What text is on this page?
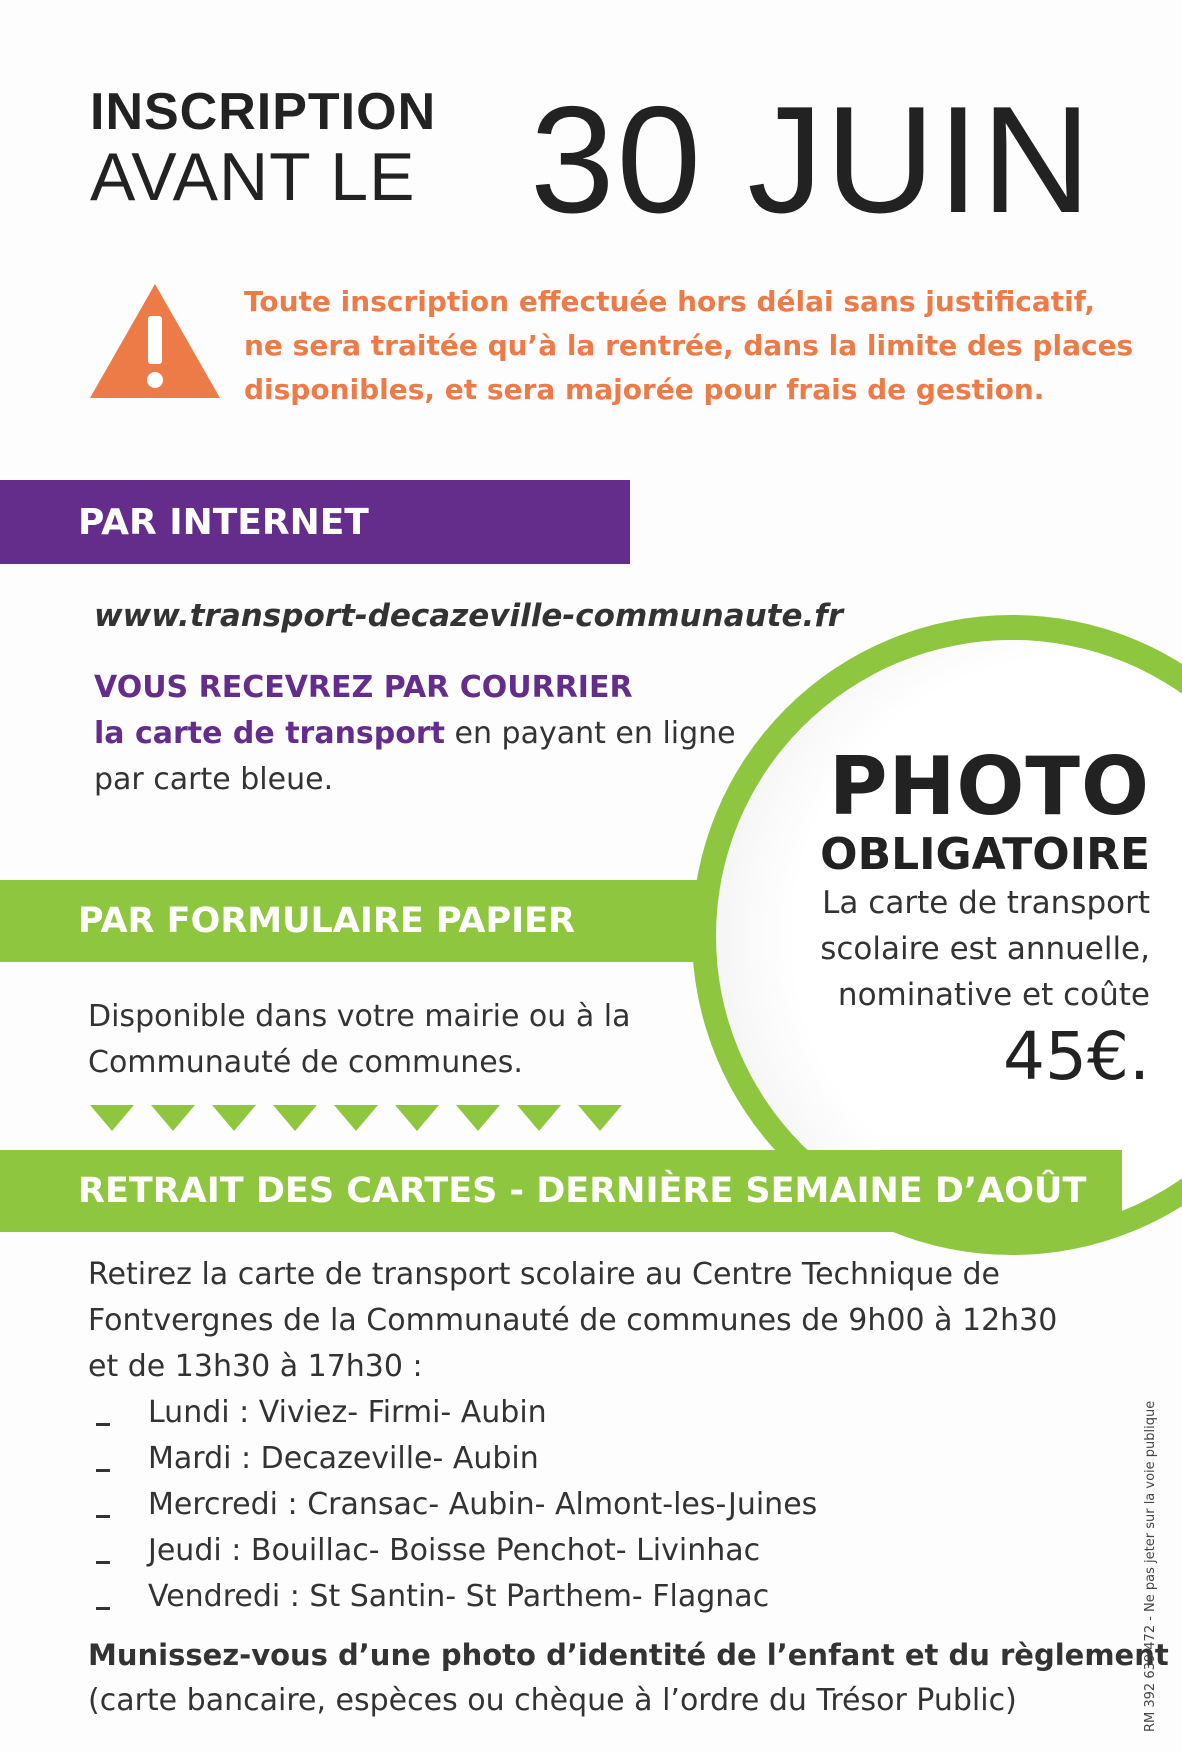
INSCRIPTION
AVANT LE 30 JUIN
Toute inscription effectuée hors délai sans justificatif,
ne sera traitée qu’à la rentrée, dans la limite des places
disponibles, et sera majorée pour frais de gestion.
PAR INTERNET
www.transport-decazeville-communaute.fr
VOUS RECEVREZ PAR COURRIER
la carte de transport en payant en ligne
par carte bleue.
PAR FORMULAIRE PAPIER
PHOTO
OBLIGATOIRE
La carte de transport
scolaire est annuelle,
nominative et coûte
45€.
Disponible dans votre mairie ou à la
Communauté de communes.
RETRAIT DES CARTES - DERNIÈRE SEMAINE D’AOÛT
Retirez la carte de transport scolaire au Centre Technique de
Fontvergnes de la Communauté de communes de 9h00 à 12h30
et de 13h30 à 17h30 :
Lundi : Viviez- Firmi- Aubin
Mardi : Decazeville- Aubin
Mercredi : Cransac- Aubin- Almont-les-Juines
Jeudi : Bouillac- Boisse Penchot- Livinhac
Vendredi : St Santin- St Parthem- Flagnac
Munissez-vous d’une photo d’identité de l’enfant et du règlement
(carte bancaire, espèces ou chèque à l’ordre du Trésor Public)	RM 392 639 472 - Ne pas jeter sur la voie publique
